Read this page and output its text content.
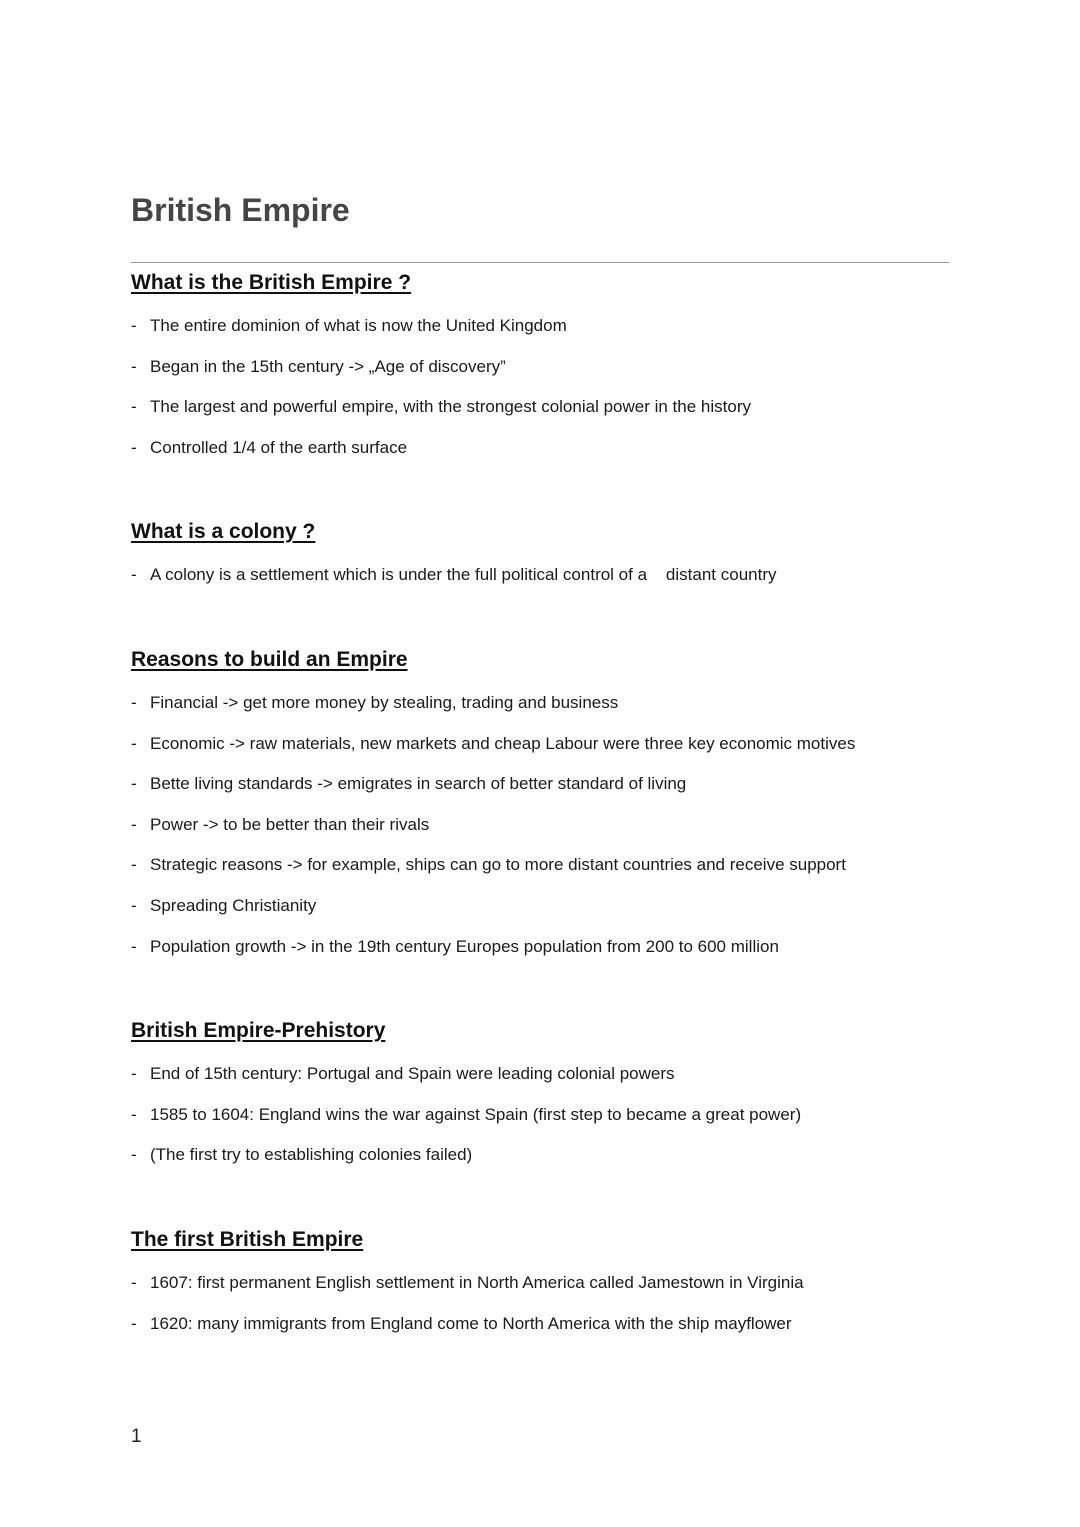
British Empire
What is the British Empire ?
- The entire dominion of what is now the United Kingdom
- Began in the 15th century -> „Age of discovery”
- The largest and powerful empire, with the strongest colonial power in the history
- Controlled 1/4 of the earth surface
What is a colony ?
- A colony is a settlement which is under the full political control of a    distant country
Reasons to build an Empire
- Financial -> get more money by stealing, trading and business
- Economic -> raw materials, new markets and cheap Labour were three key economic motives
- Bette living standards -> emigrates in search of better standard of living
- Power -> to be better than their rivals
- Strategic reasons -> for example, ships can go to more distant countries and receive support
- Spreading Christianity
- Population growth -> in the 19th century Europes population from 200 to 600 million
British Empire-Prehistory
- End of 15th century: Portugal and Spain were leading colonial powers
- 1585 to 1604: England wins the war against Spain (first step to became a great power)
- (The first try to establishing colonies failed)
The first British Empire
- 1607: first permanent English settlement in North America called Jamestown in Virginia
- 1620: many immigrants from England come to North America with the ship mayflower
1
